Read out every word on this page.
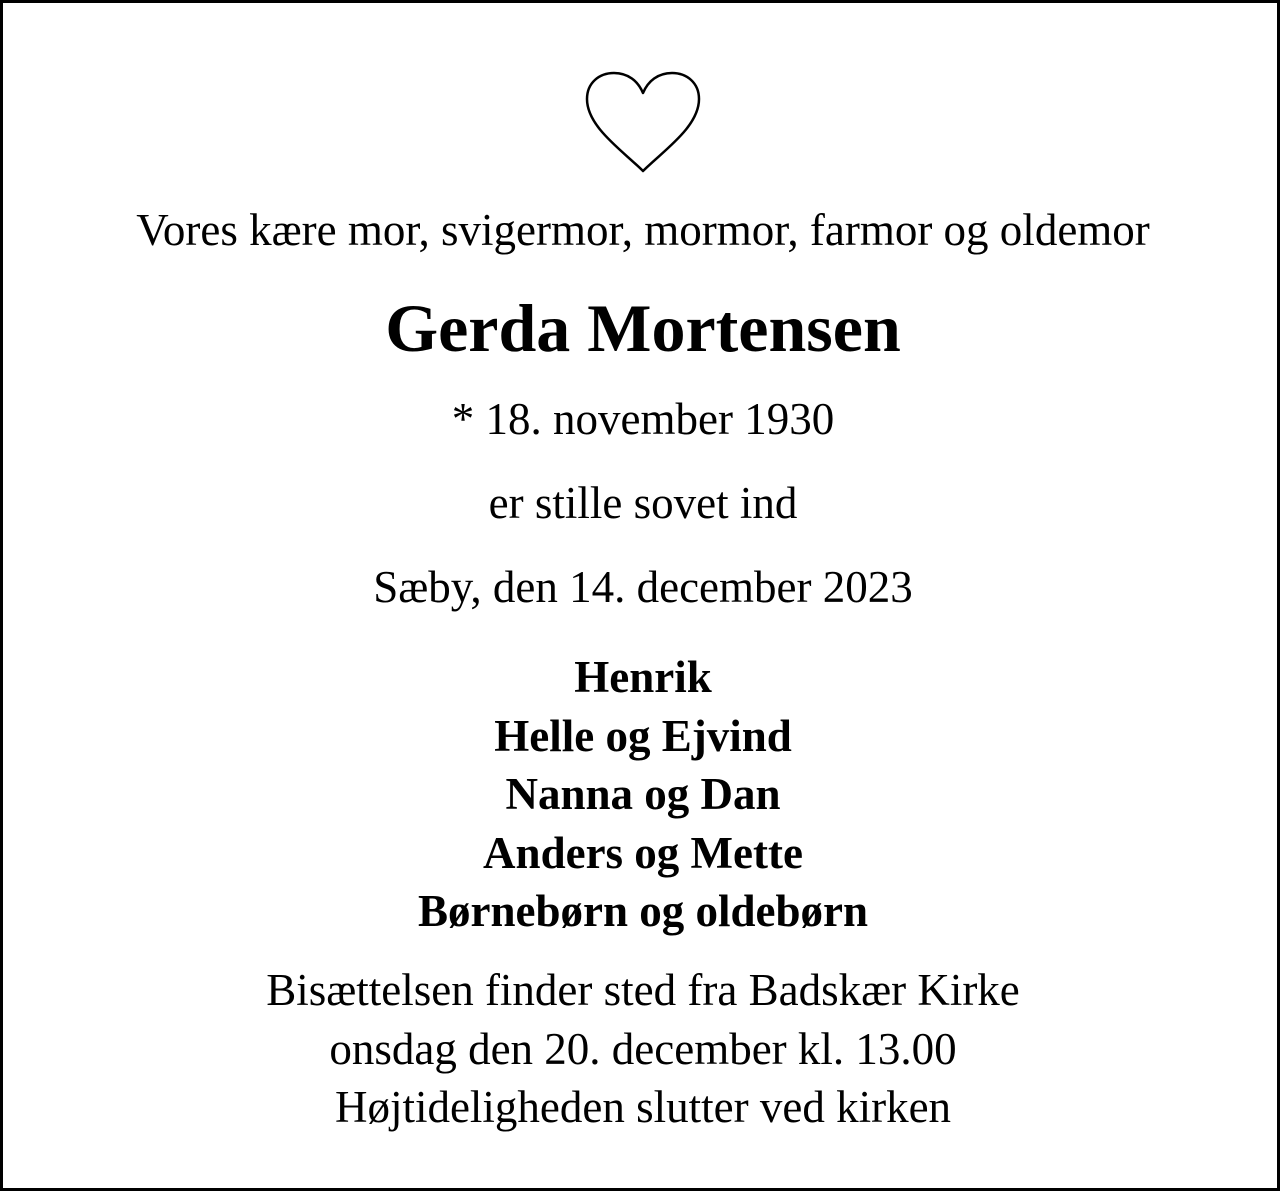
Vores kære mor, svigermor, mormor, farmor og oldemor
Gerda Mortensen
* 18. november 1930
er stille sovet ind
Sæby, den 14. december 2023
Henrik
Helle og Ejvind
Nanna og Dan
Anders og Mette
Børnebørn og oldebørn
Bisættelsen finder sted fra Badskær Kirke
onsdag den 20. december kl. 13.00
Højtideligheden slutter ved kirken
